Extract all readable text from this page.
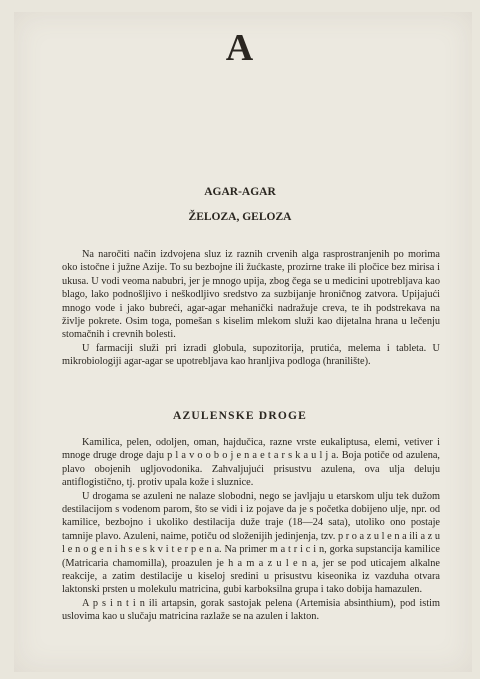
A
AGAR-AGAR
ŽELOZA, GELOZA

Na naročiti način izdvojena sluz iz raznih crvenih alga rasprostranjenih po morima oko istočne i južne Azije. To su bezbojne ili žućkaste, prozirne trake ili pločice bez mirisa i ukusa. U vodi veoma nabubri, jer je mnogo upija, zbog čega se u medicini upotrebljava kao blago, lako podnošljivo i neškodljivo sredstvo za suzbijanje hroničnog zatvora. Upijajući mnogo vode i jako bubreći, agar-agar mehanički nadražuje creva, te ih podstrekava na življe pokrete. Osim toga, pomešan s kiselim mlekom služi kao dijetalna hrana u lečenju stomačnih i crevnih bolesti.

U farmaciji služi pri izradi globula, supozitorija, prutića, melema i tableta. U mikrobiologiji agar-agar se upotrebljava kao hranljiva podloga (hranilište).

AZULENSKE DROGE

Kamilica, pelen, odoljen, oman, hajdučica, razne vrste eukaliptusa, elemi, vetiver i mnoge druge droge daju p l a v o o b o j e n a e t a r s k a u l j a. Boja potiče od azulena, plavo obojenih ugljovodonika. Zahvaljujući prisustvu azulena, ova ulja deluju antiflogistično, tj. protiv upala kože i sluznice.

U drogama se azuleni ne nalaze slobodni, nego se javljaju u etarskom ulju tek dužom destilacijom s vodenom parom, što se vidi i iz pojave da je s početka dobijeno ulje, npr. od kamilice, bezbojno i ukoliko destilacija duže traje (18—24 sata), utoliko ono postaje tamnije plavo. Azuleni, naime, potiču od složenijih jedinjenja, tzv. p r o a z u l e n a ili a z u l e n o g e n i h s e s k v i t e r p e n a. Na primer m a t r i c i n, gorka supstancija kamilice (Matricaria chamomilla), proazulen je h a m a z u l e n a, jer se pod uticajem alkalne reakcije, a zatim destilacije u kiseloj sredini u prisustvu kiseonika iz vazduha otvara laktonski prsten u molekulu matricina, gubi karboksilna grupa i tako dobija hamazulen.

A p s i n t i n ili artapsin, gorak sastojak pelena (Artemisia absinthium), pod istim uslovima kao u slučaju matricina razlaže se na azulen i lakton.
